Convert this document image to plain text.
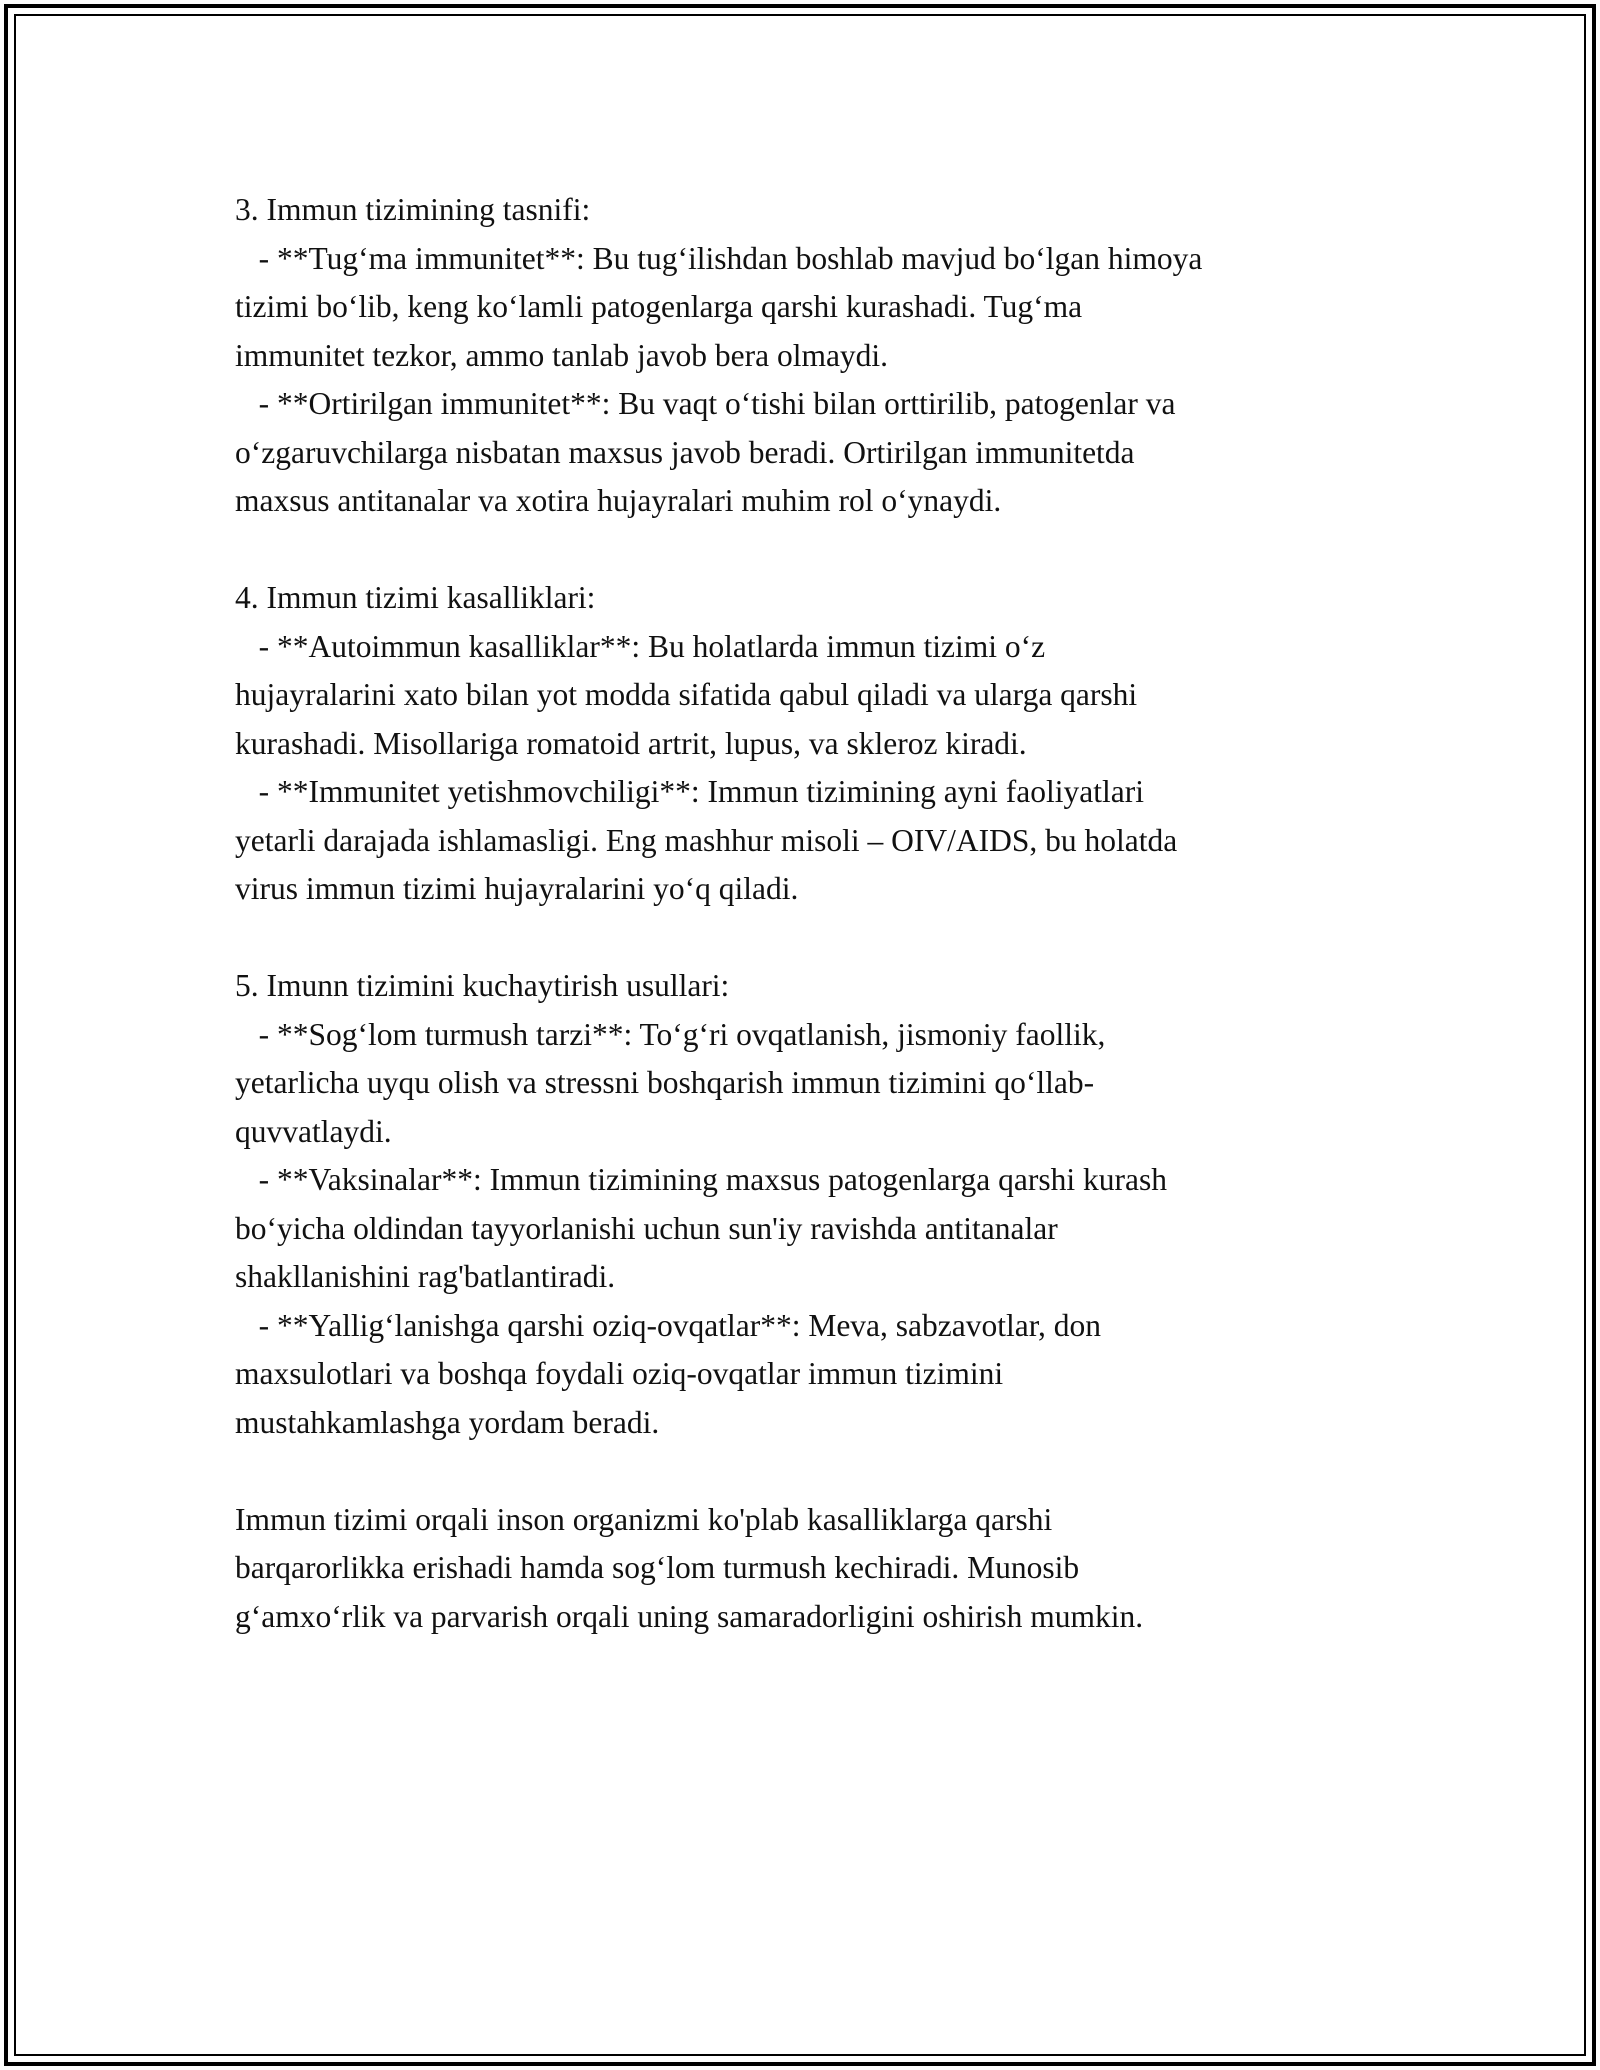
3. Immun tizimining tasnifi:
- **Tug‘ma immunitet**: Bu tug‘ilishdan boshlab mavjud bo‘lgan himoya
tizimi bo‘lib, keng ko‘lamli patogenlarga qarshi kurashadi. Tug‘ma
immunitet tezkor, ammo tanlab javob bera olmaydi.
- **Ortirilgan immunitet**: Bu vaqt o‘tishi bilan orttirilib, patogenlar va
o‘zgaruvchilarga nisbatan maxsus javob beradi. Ortirilgan immunitetda
maxsus antitanalar va xotira hujayralari muhim rol o‘ynaydi.
4. Immun tizimi kasalliklari:
- **Autoimmun kasalliklar**: Bu holatlarda immun tizimi o‘z
hujayralarini xato bilan yot modda sifatida qabul qiladi va ularga qarshi
kurashadi. Misollariga romatoid artrit, lupus, va skleroz kiradi.
- **Immunitet yetishmovchiligi**: Immun tizimining ayni faoliyatlari
yetarli darajada ishlamasligi. Eng mashhur misoli – OIV/AIDS, bu holatda
virus immun tizimi hujayralarini yo‘q qiladi.
5. Imunn tizimini kuchaytirish usullari:
- **Sog‘lom turmush tarzi**: To‘g‘ri ovqatlanish, jismoniy faollik,
yetarlicha uyqu olish va stressni boshqarish immun tizimini qo‘llab-
quvvatlaydi.
- **Vaksinalar**: Immun tizimining maxsus patogenlarga qarshi kurash
bo‘yicha oldindan tayyorlanishi uchun sun'iy ravishda antitanalar
shakllanishini rag'batlantiradi.
- **Yallig‘lanishga qarshi oziq-ovqatlar**: Meva, sabzavotlar, don
maxsulotlari va boshqa foydali oziq-ovqatlar immun tizimini
mustahkamlashga yordam beradi.
Immun tizimi orqali inson organizmi ko'plab kasalliklarga qarshi
barqarorlikka erishadi hamda sog‘lom turmush kechiradi. Munosib
g‘amxo‘rlik va parvarish orqali uning samaradorligini oshirish mumkin.
